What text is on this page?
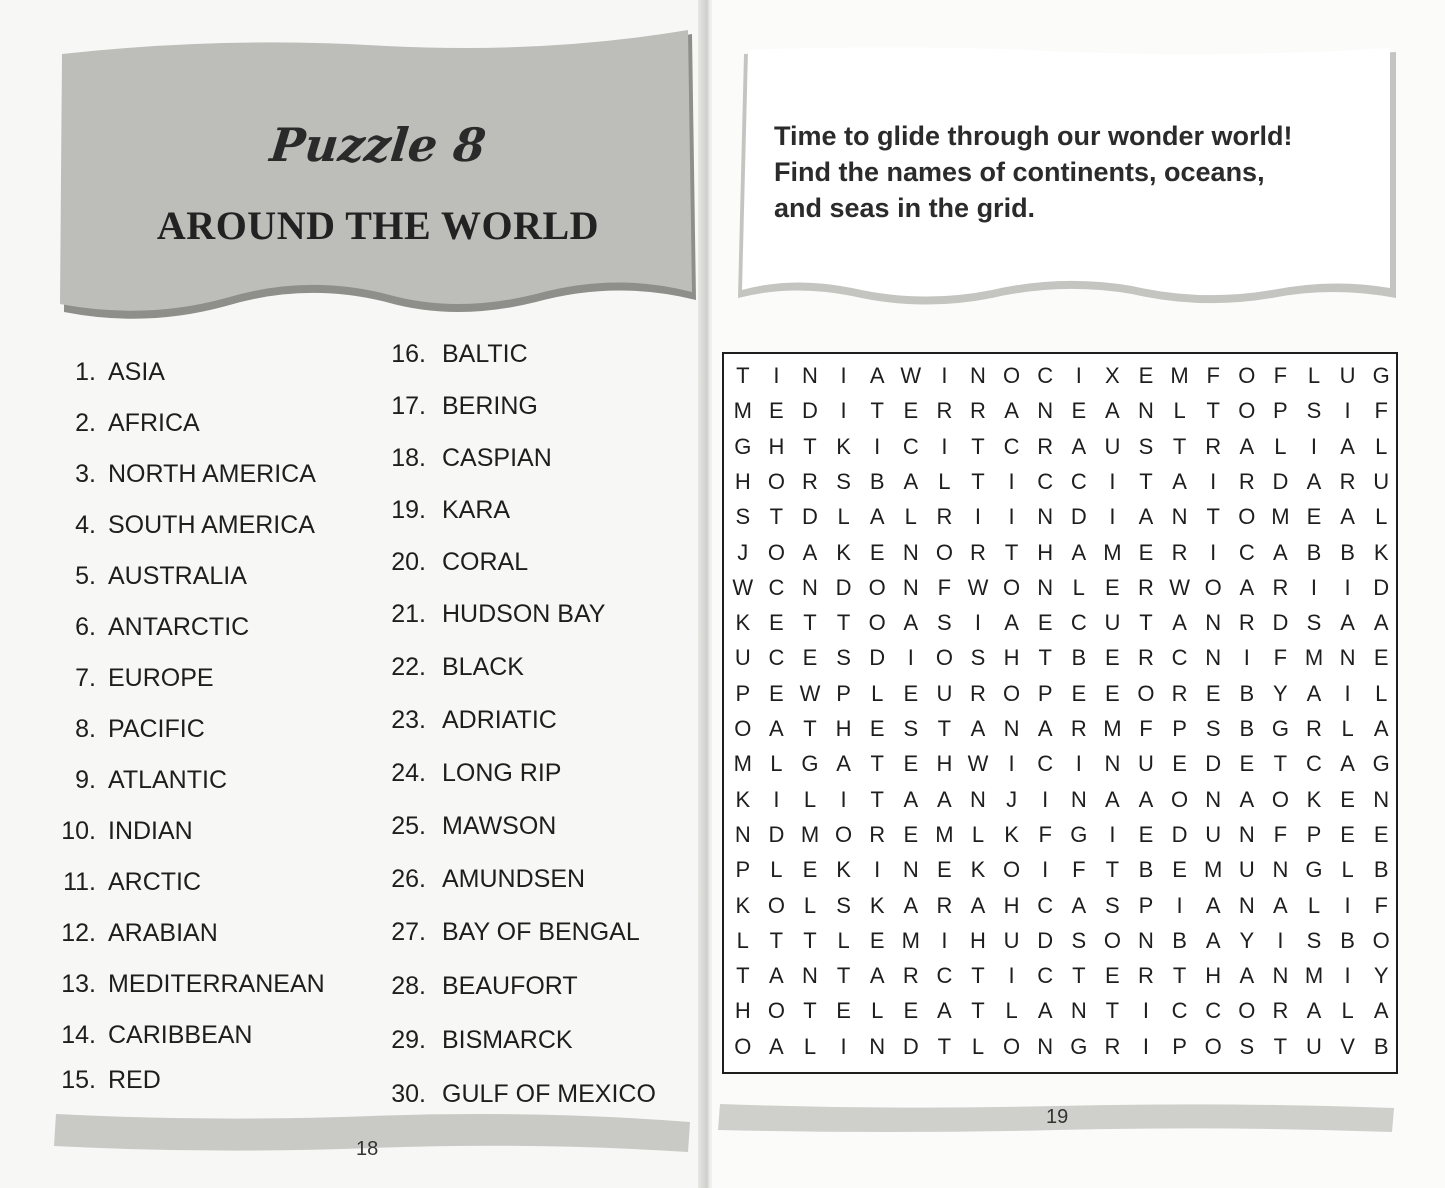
Puzzle 8
AROUND THE WORLD
1. ASIA
2. AFRICA
3. NORTH AMERICA
4. SOUTH AMERICA
5. AUSTRALIA
6. ANTARCTIC
7. EUROPE
8. PACIFIC
9. ATLANTIC
10. INDIAN
11. ARCTIC
12. ARABIAN
13. MEDITERRANEAN
14. CARIBBEAN
15. RED
16. BALTIC
17. BERING
18. CASPIAN
19. KARA
20. CORAL
21. HUDSON BAY
22. BLACK
23. ADRIATIC
24. LONG RIP
25. MAWSON
26. AMUNDSEN
27. BAY OF BENGAL
28. BEAUFORT
29. BISMARCK
30. GULF OF MEXICO
18

Time to glide through our wonder world!
Find the names of continents, oceans,
and seas in the grid.

T	I	N	I	A W I	N O C	I	X E M F O F L U G
M E D	I	T E R R A N E A N L T O P S	I	F
G H T K	I	C	I	T C R A U S T R A L	I	A L
H O R S B A L T	I	C C	I	T A	I	R D A R U
S T D L A L R	I	I	N D	I	A N T O M E A L
J O A K E N O R T H A M E R	I	C A B B K
W C N D O N F W O N L E R W O A R	I	I	D
K E T T O A S	I	A E C U T A N R D S A A
U C E S D	I O S H T B E R C N	I	F M N E
P E W P L E U R O P E E O R E B Y A	I	L
O A T H E S T A N A R M F P S B G R L A
M L G A T E H W I	C	I	N U E D E T C A G
K	I	L	I	T A A N J	I	N A A O N A O K E N
N D M O R E M L K F G I	E D U N F P E E
P L E K	I	N E K O I	F T B E M U N G L B
K O L S K A R A H C A S P	I	A N A L	I	F
L T T L E M I	H U D S O N B A Y	I	S B O
T A N T A R C T	I	C T E R T H A N M I	Y
H O T E L E A T L A N T	I	C C O R A L A
O A L	I	N D T L O N G R	I	P O S T U V B
19
